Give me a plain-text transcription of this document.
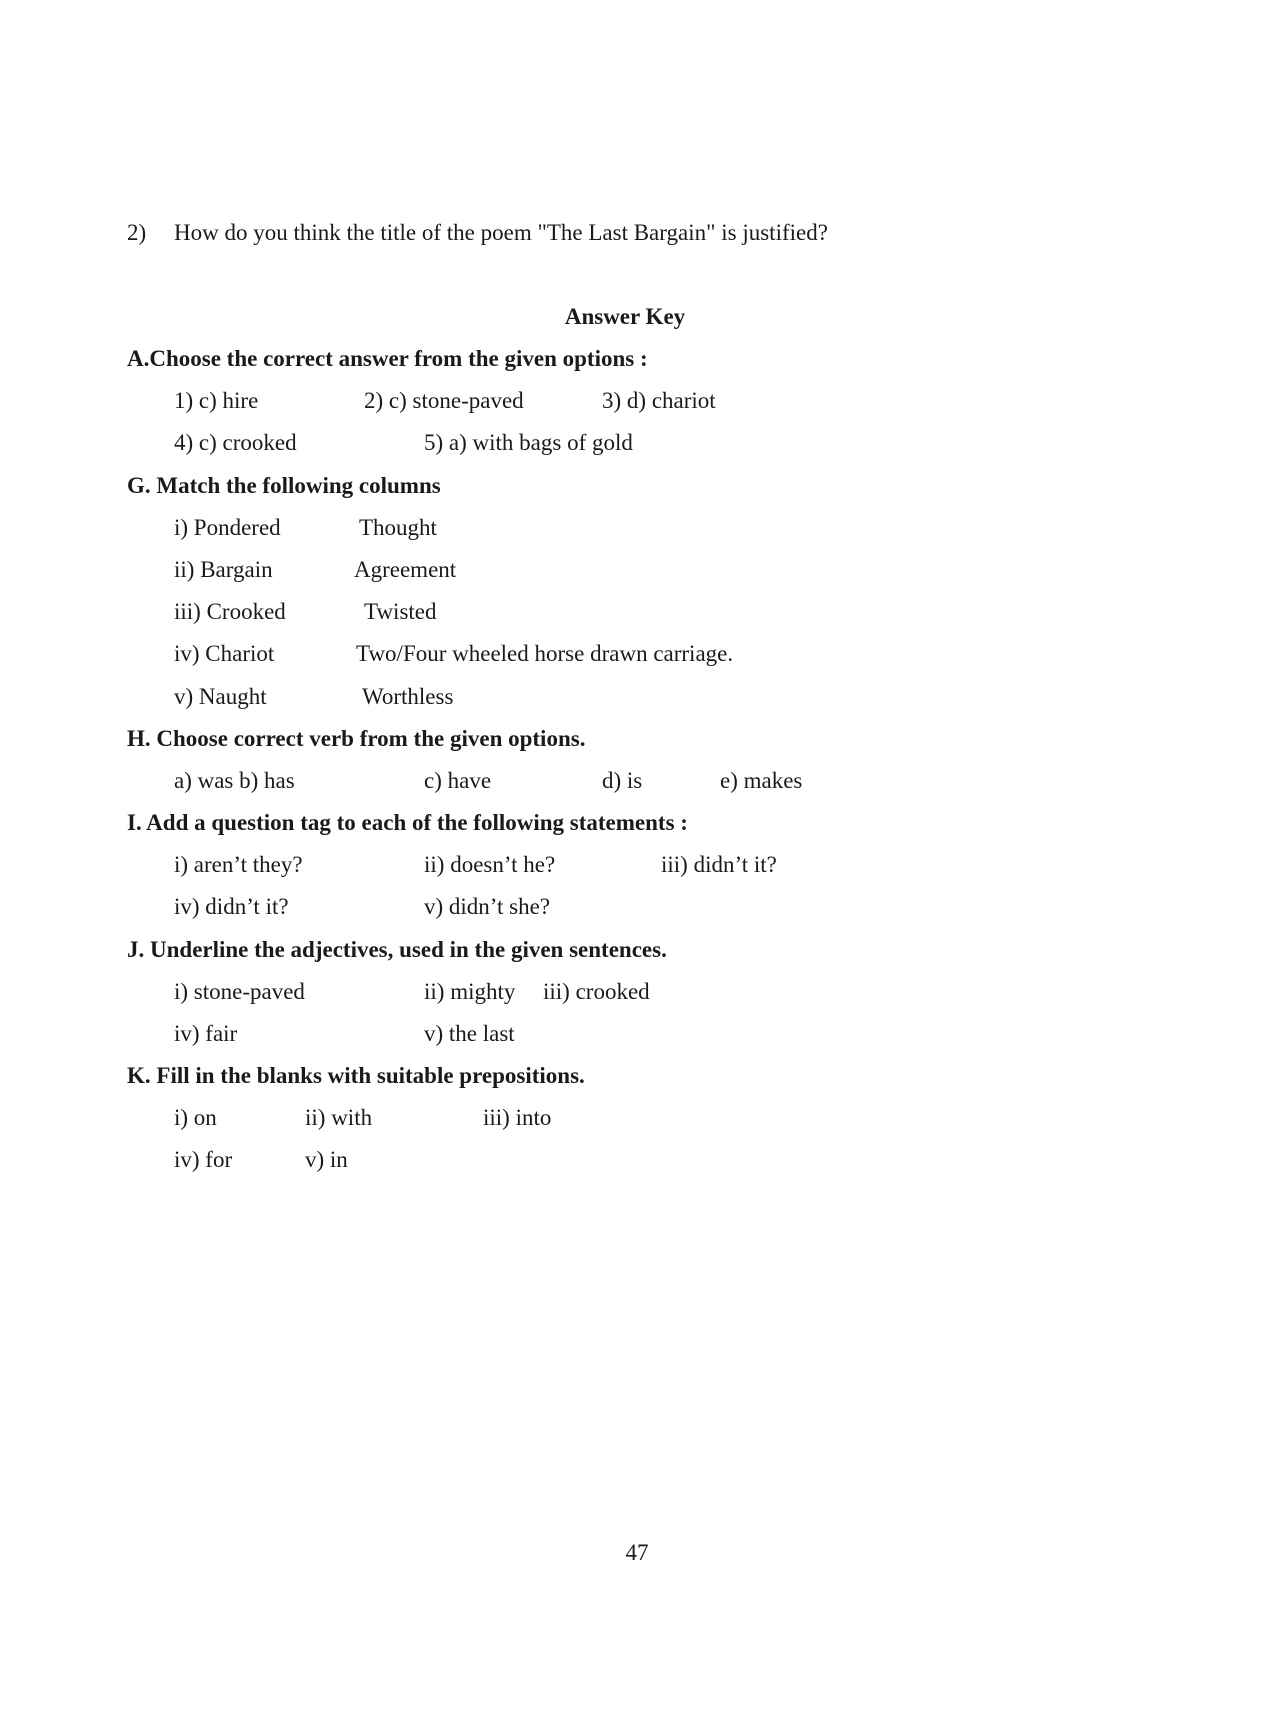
2) How do you think the title of the poem "The Last Bargain" is justified?
Answer Key
A.Choose the correct answer from the given options :
1) c) hire	2) c) stone-paved	3) d) chariot
4) c) crooked	5) a) with bags of gold
G. Match the following columns
i) Pondered	Thought
ii) Bargain	Agreement
iii) Crooked	Twisted
iv) Chariot	Two/Four wheeled horse drawn carriage.
v) Naught	Worthless
H. Choose correct verb from the given options.
a) was b) has	c) have	d) is	e) makes
I. Add a question tag to each of the following statements :
i) aren’t they?	ii) doesn’t he?	iii) didn’t it?
iv) didn’t it?	v) didn’t she?
J. Underline the adjectives, used in the given sentences.
i) stone-paved	ii) mighty iii) crooked
iv) fair	v) the last
K. Fill in the blanks with suitable prepositions.
i) on	ii) with	iii) into
iv) for	v) in
47
